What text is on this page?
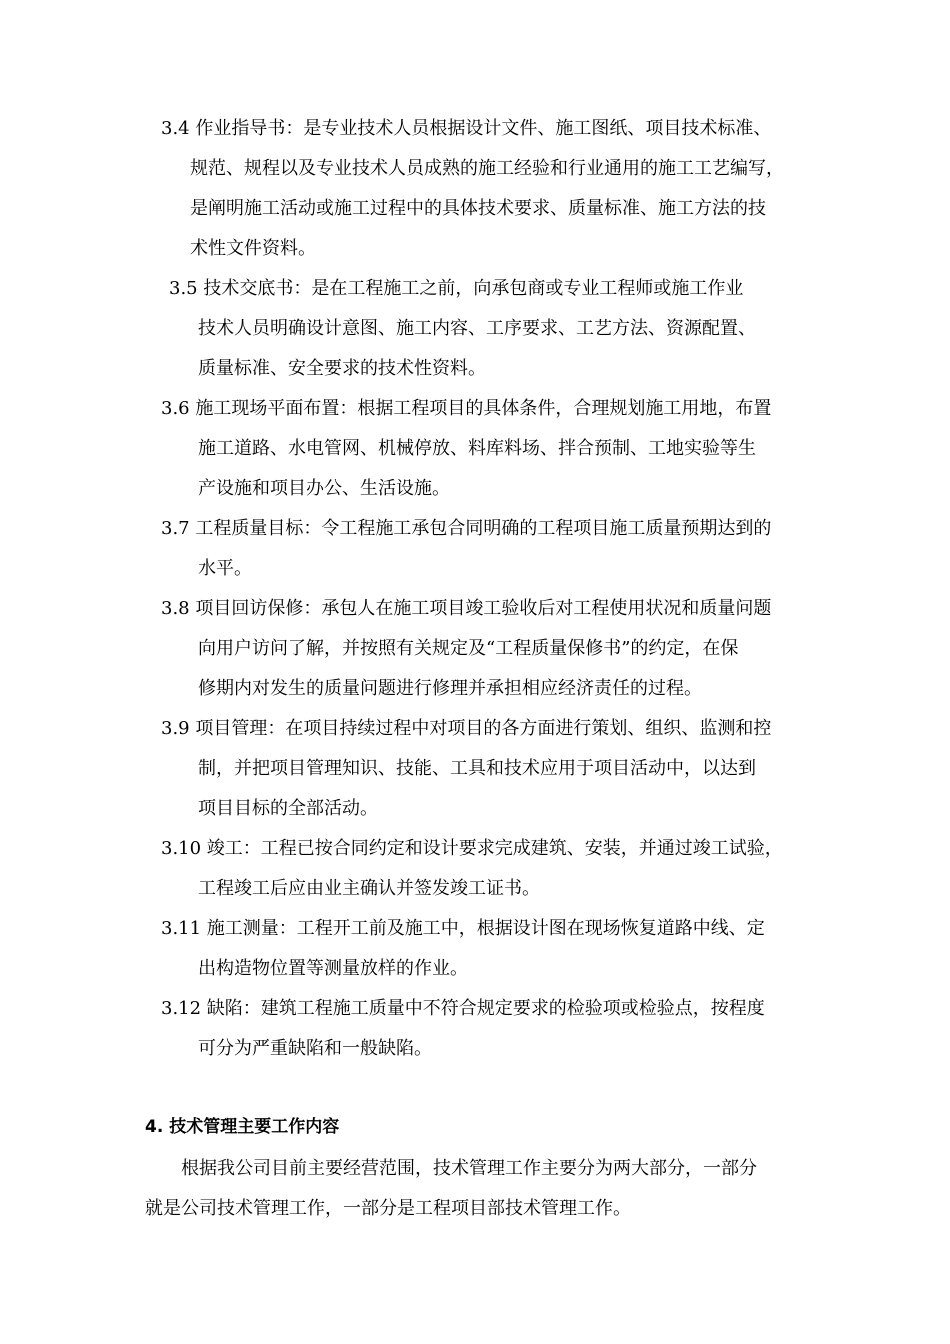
3.4 作业指导书：是专业技术人员根据设计文件、施工图纸、项目技术标准、
规范、规程以及专业技术人员成熟的施工经验和行业通用的施工工艺编写，
是阐明施工活动或施工过程中的具体技术要求、质量标准、施工方法的技
术性文件资料。
3.5 技术交底书：是在工程施工之前，向承包商或专业工程师或施工作业
技术人员明确设计意图、施工内容、工序要求、工艺方法、资源配置、
质量标准、安全要求的技术性资料。
3.6 施工现场平面布置：根据工程项目的具体条件，合理规划施工用地，布置
施工道路、水电管网、机械停放、料库料场、拌合预制、工地实验等生
产设施和项目办公、生活设施。
3.7 工程质量目标：令工程施工承包合同明确的工程项目施工质量预期达到的
水平。
3.8 项目回访保修：承包人在施工项目竣工验收后对工程使用状况和质量问题
向用户访问了解，并按照有关规定及“工程质量保修书”的约定，在保
修期内对发生的质量问题进行修理并承担相应经济责任的过程。
3.9 项目管理：在项目持续过程中对项目的各方面进行策划、组织、监测和控
制，并把项目管理知识、技能、工具和技术应用于项目活动中，以达到
项目目标的全部活动。
3.10 竣工：工程已按合同约定和设计要求完成建筑、安装，并通过竣工试验，
工程竣工后应由业主确认并签发竣工证书。
3.11 施工测量：工程开工前及施工中，根据设计图在现场恢复道路中线、定
出构造物位置等测量放样的作业。
3.12 缺陷：建筑工程施工质量中不符合规定要求的检验项或检验点，按程度
可分为严重缺陷和一般缺陷。
4. 技术管理主要工作内容
根据我公司目前主要经营范围，技术管理工作主要分为两大部分，一部分
就是公司技术管理工作，一部分是工程项目部技术管理工作。
